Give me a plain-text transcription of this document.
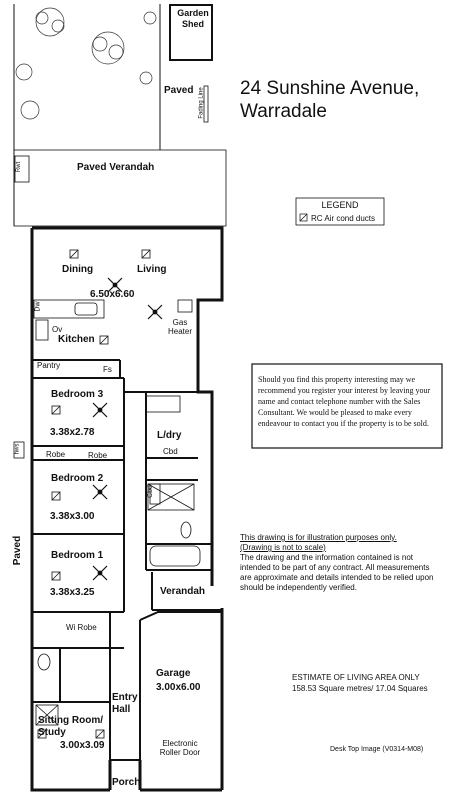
24 Sunshine Avenue,
Warradale
LEGEND
RC Air cond ducts
Should you find this property interesting may we recommend you register your interest by leaving your name and contact telephone number with the Sales Consultant. We would be pleased to make every endeavour to contact you if the property is to be sold.
This drawing is for illustration purposes only.
(Drawing is not to scale)
The drawing and the information contained is not intended to be part of any contract. All measurements are approximate and details intended to be relied upon should be independently verified.
ESTIMATE OF LIVING AREA ONLY
158.53 Square metres/ 17.04 Squares
Desk Top Image (V0314-M08)
Garden Shed
Paved Fading Line
Rwt	Paved Verandah
Dining	Living
6.50x6.60
Dw
Ov
Kitchen
Gas Heater
Pantry	Fs
Bedroom 3
3.38x2.78	L/dry
Cbd
Robe	Robe
hws
Bedroom 2
3.38x3.00
Cbd
Paved	Bedroom 1
3.38x3.25	Verandah
Wi Robe
Garage
3.00x6.00
Entry Hall
Sitting Room/ Study
3.00x3.09	Electronic Roller Door
Porch
